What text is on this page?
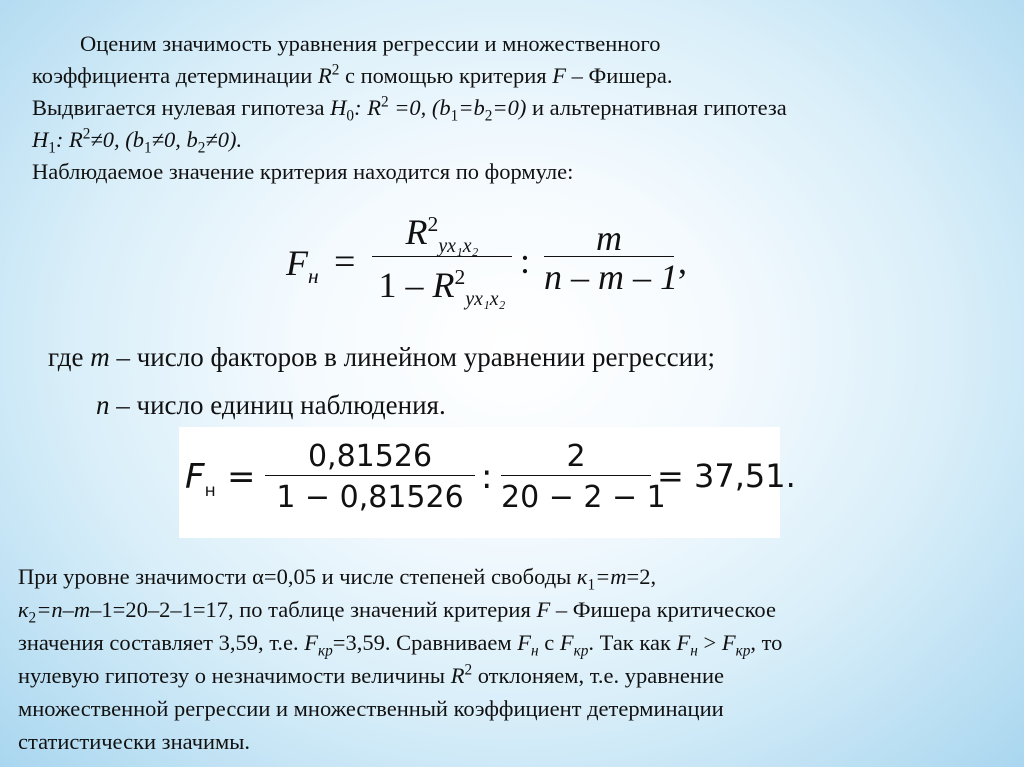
Оценим значимость уравнения регрессии и множественного

коэффициента детерминации $R^2$ с помощью критерия F – Фишера.

Выдвигается нулевая гипотеза $H_0$: $R^2 =0$, $(b_1=b_2=0)$ и альтернативная гипотеза

$H_1$: $R^2\ne 0$, ($b_1\ne 0$, $b_2\ne 0$).

Наблюдаемое значение критерия находится по формуле:

$F_н$ =
$R^2_{yx_1x_2}$
$1 - R^2_{yx_1x_2}$
:
m
n – m – 1 ,
где m – число факторов в линейном уравнении регрессии;
n – число единиц наблюдения.
$F_н$ =
0,81526
1 − 0,81526
:
2
20 − 2 − 1
= 37,51.

При уровне значимости α=0,05 и числе степеней свободы $к_1=m=2$,

$к_2=n-m-1=20-2-1=17$, по таблице значений критерия F – Фишера критическое

значения составляет 3,59, т.е. $F_{кр}=3,59$. Сравниваем $F_н$ с $F_{кр}$. Так как $F_н > F_{кр}$, то

нулевую гипотезу о незначимости величины $R^2$ отклоняем, т.е. уравнение

множественной регрессии и множественный коэффициент детерминации

статистически значимы.
